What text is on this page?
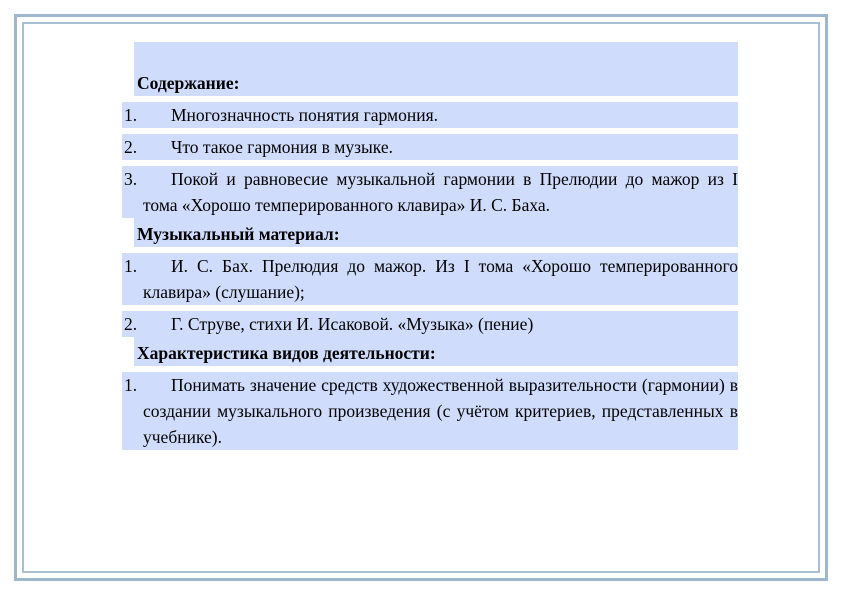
Содержание:
1.	Многозначность понятия гармония.
2.	Что такое гармония в музыке.
3.	Покой и равновесие музыкальной гармонии в Прелюдии до мажор из I тома «Хорошо темперированного клавира» И. С. Баха.
Музыкальный материал:
1.	И. С. Бах. Прелюдия до мажор. Из I тома «Хорошо темперированного клавира» (слушание);
2.	Г. Струве, стихи И. Исаковой. «Музыка» (пение)
Характеристика видов деятельности:
1.	Понимать значение средств художественной выразительности (гармонии) в создании музыкального произведения (с учётом критериев, представленных в учебнике).
